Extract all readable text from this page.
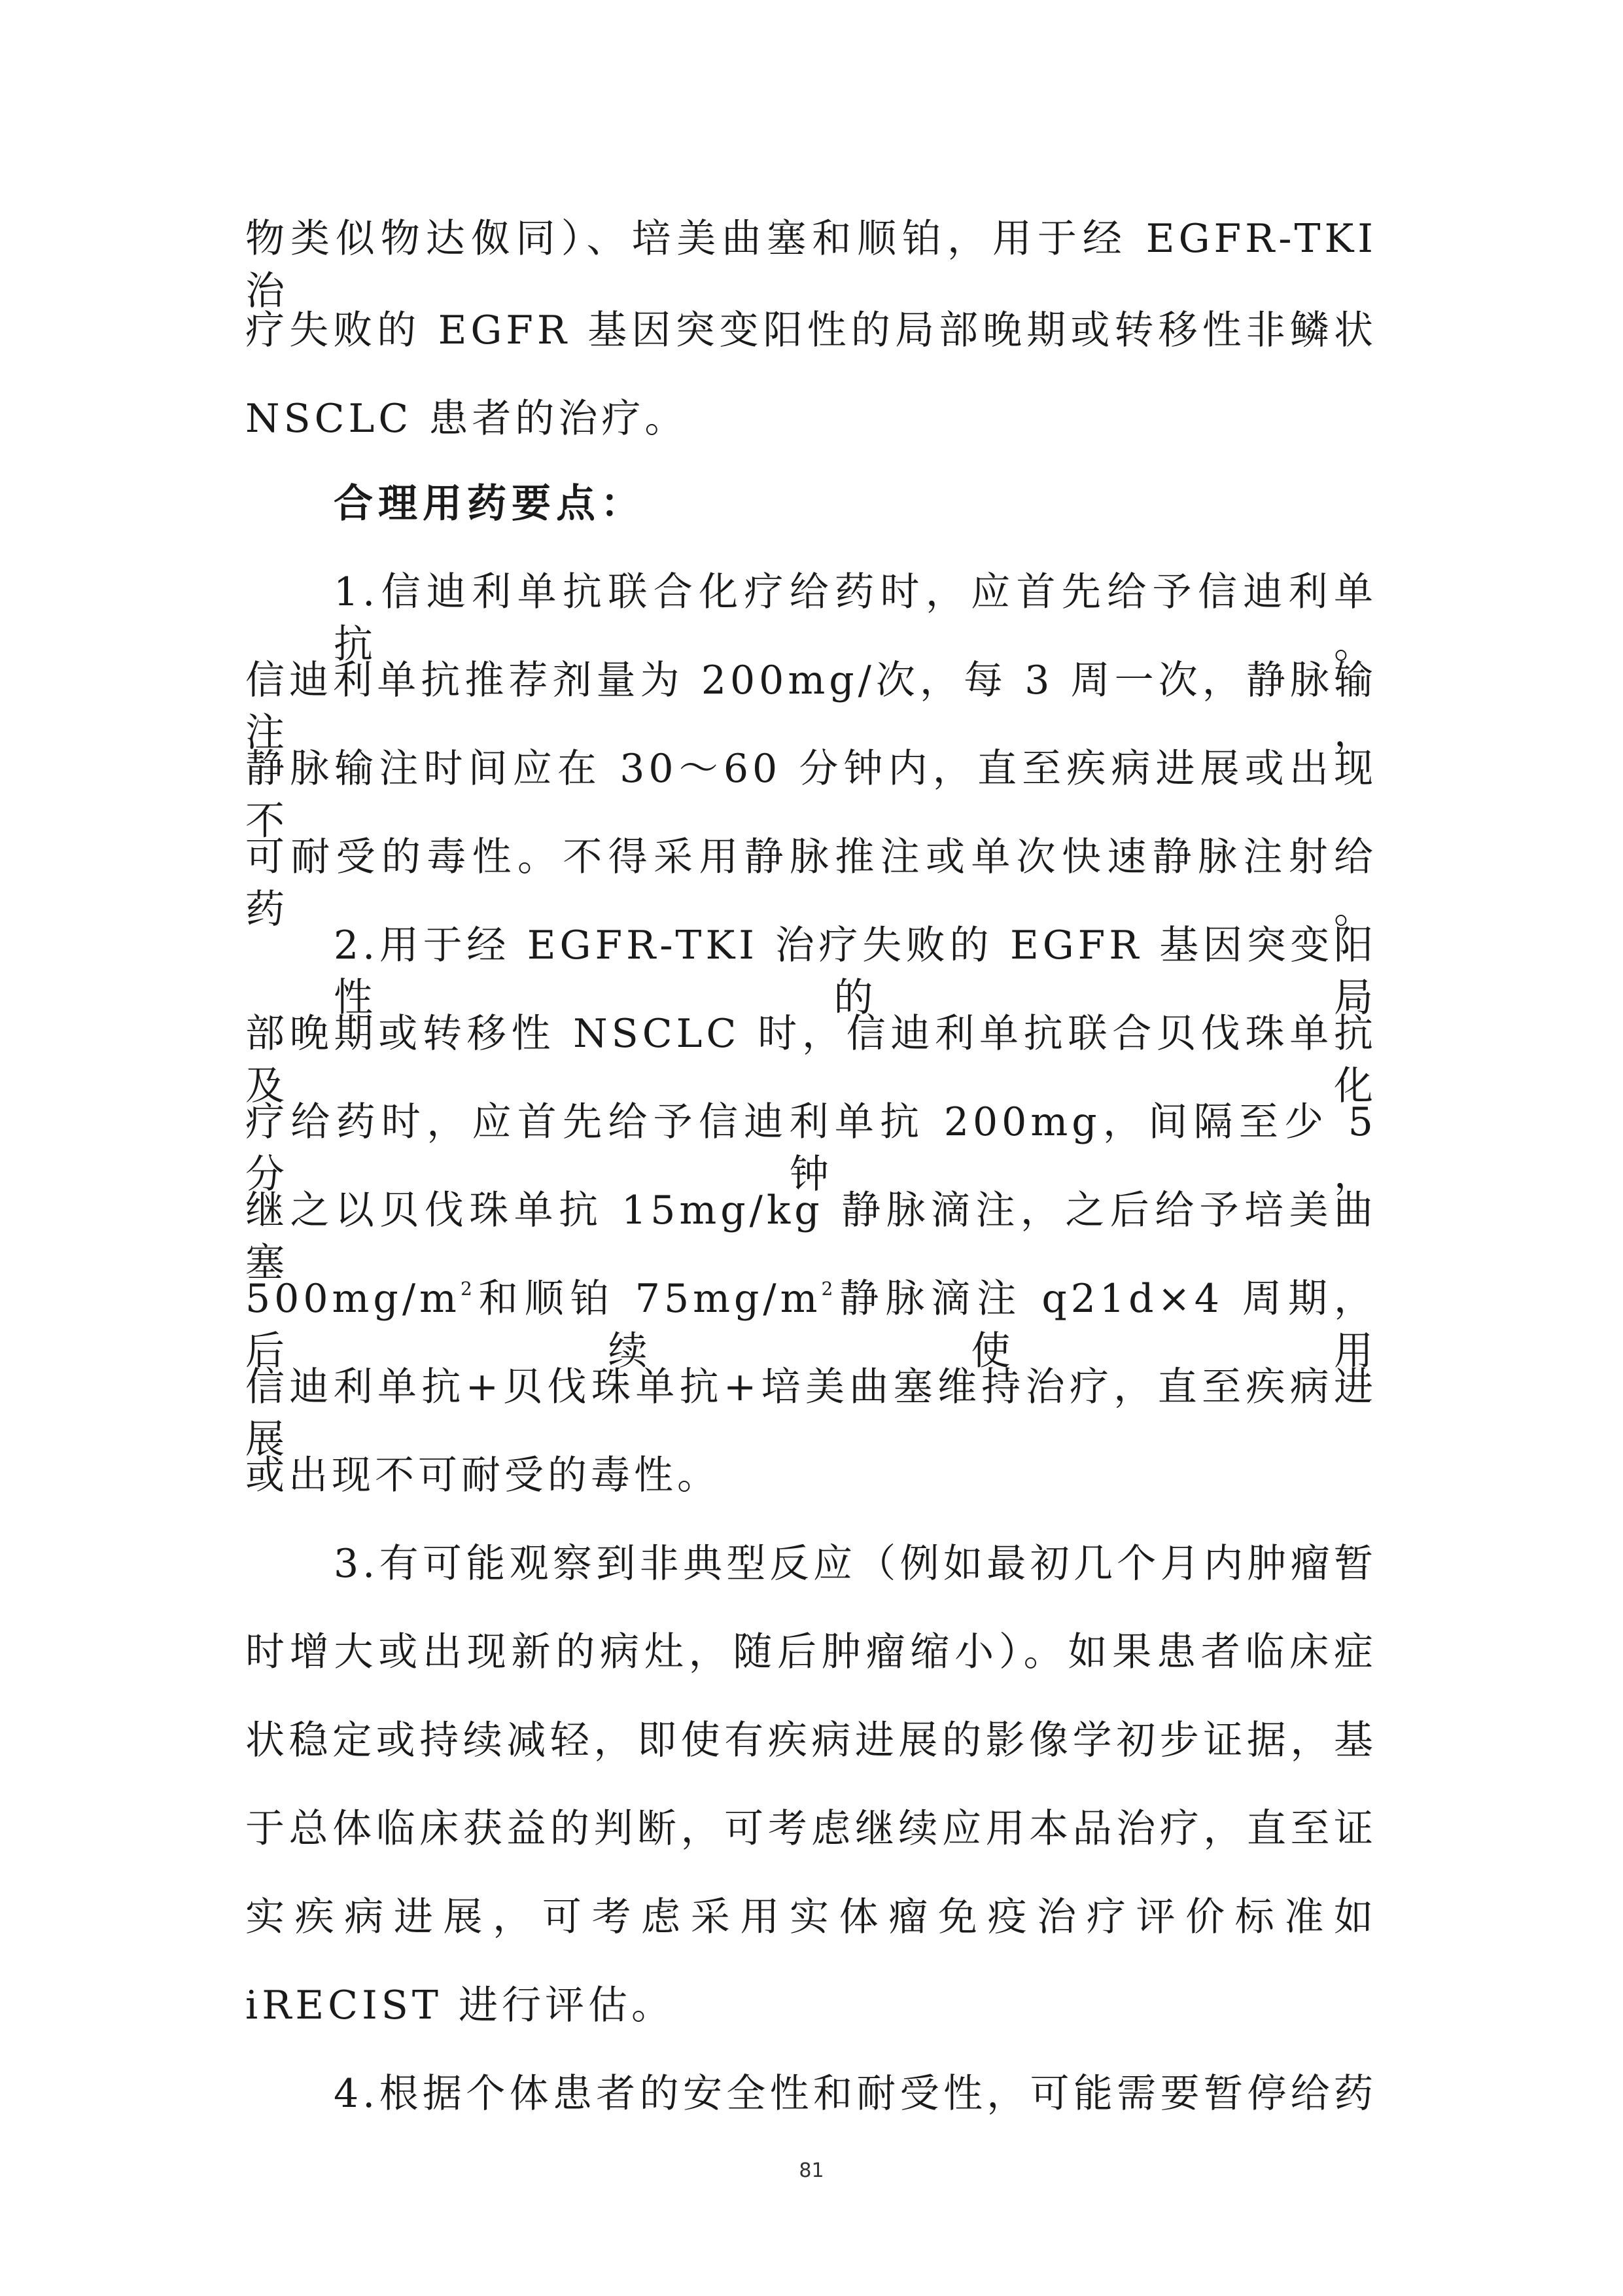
物类似物达伮同）、培美曲塞和顺铂，用于经 EGFR-TKI 治
疗失败的 EGFR 基因突变阳性的局部晚期或转移性非鳞状
NSCLC 患者的治疗。
合理用药要点：
1.信迪利单抗联合化疗给药时，应首先给予信迪利单抗。
信迪利单抗推荐剂量为 200mg/次，每 3 周一次，静脉输注，
静脉输注时间应在 30～60 分钟内，直至疾病进展或出现不
可耐受的毒性。不得采用静脉推注或单次快速静脉注射给药。
2.用于经 EGFR-TKI 治疗失败的 EGFR 基因突变阳性的局
部晚期或转移性 NSCLC 时，信迪利单抗联合贝伐珠单抗及化
疗给药时，应首先给予信迪利单抗 200mg，间隔至少 5 分钟，
继之以贝伐珠单抗 15mg/kg 静脉滴注，之后给予培美曲塞
$500mg/m^2$和顺铂 $75mg/m^2$静脉滴注 q21d×4 周期，后续使用
信迪利单抗+贝伐珠单抗+培美曲塞维持治疗，直至疾病进展
或出现不可耐受的毒性。
3.有可能观察到非典型反应（例如最初几个月内肿瘤暂
时增大或出现新的病灶，随后肿瘤缩小）。如果患者临床症
状稳定或持续减轻，即使有疾病进展的影像学初步证据，基
于总体临床获益的判断，可考虑继续应用本品治疗，直至证
实疾病进展，可考虑采用实体瘤免疫治疗评价标准如
iRECIST 进行评估。
4.根据个体患者的安全性和耐受性，可能需要暂停给药
81
